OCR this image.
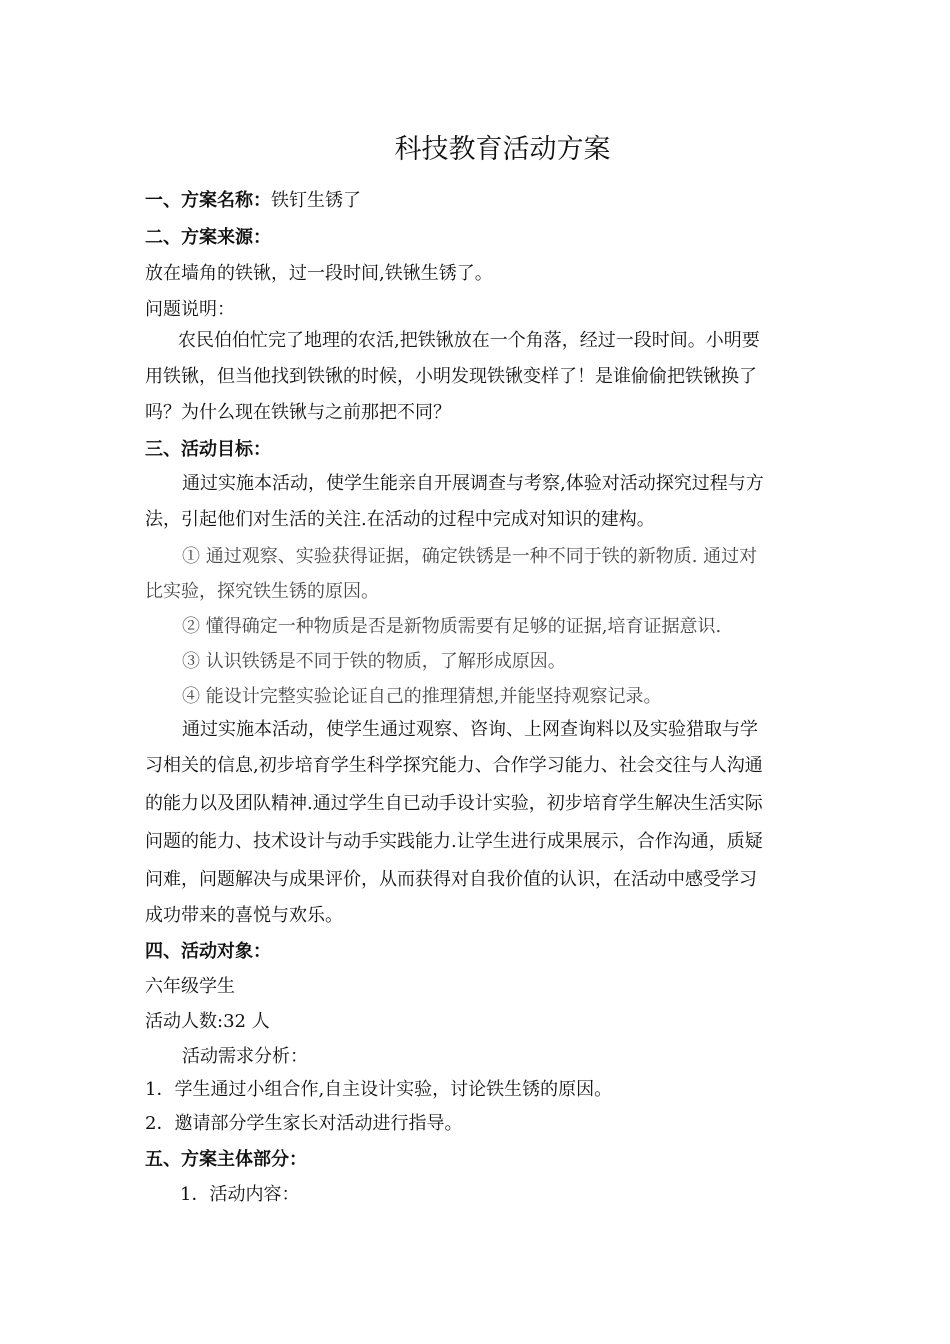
科技教育活动方案
一、方案名称：铁钉生锈了
二、方案来源：
放在墙角的铁锹，过一段时间,铁锹生锈了。
问题说明：
农民伯伯忙完了地理的农活,把铁锹放在一个角落，经过一段时间。小明要
用铁锹，但当他找到铁锹的时候，小明发现铁锹变样了！是谁偷偷把铁锹换了
吗？为什么现在铁锹与之前那把不同？
三、活动目标：
通过实施本活动，使学生能亲自开展调查与考察,体验对活动探究过程与方
法，引起他们对生活的关注.在活动的过程中完成对知识的建构。
① 通过观察、实验获得证据，确定铁锈是一种不同于铁的新物质. 通过对
比实验，探究铁生锈的原因。
② 懂得确定一种物质是否是新物质需要有足够的证据,培育证据意识.
③ 认识铁锈是不同于铁的物质，了解形成原因。
④ 能设计完整实验论证自己的推理猜想,并能坚持观察记录。
通过实施本活动，使学生通过观察、咨询、上网查询料以及实验猎取与学
习相关的信息,初步培育学生科学探究能力、合作学习能力、社会交往与人沟通
的能力以及团队精神.通过学生自已动手设计实验，初步培育学生解决生活实际
问题的能力、技术设计与动手实践能力.让学生进行成果展示，合作沟通，质疑
问难，问题解决与成果评价，从而获得对自我价值的认识，在活动中感受学习
成功带来的喜悦与欢乐。
四、活动对象：
六年级学生
活动人数:32 人
活动需求分析：
1．学生通过小组合作,自主设计实验，讨论铁生锈的原因。
2．邀请部分学生家长对活动进行指导。
五、方案主体部分：
1．活动内容：
